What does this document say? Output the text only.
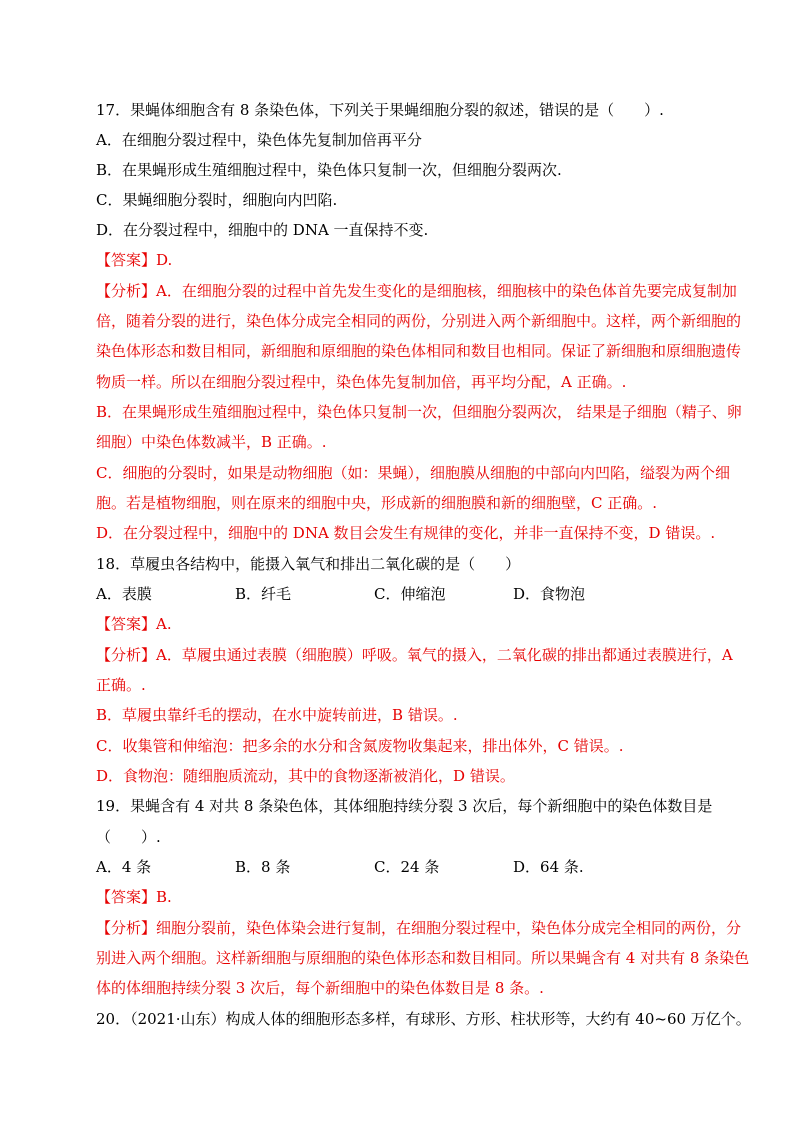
17．果蝇体细胞含有 8 条染色体，下列关于果蝇细胞分裂的叙述，错误的是（　　）.
A．在细胞分裂过程中，染色体先复制加倍再平分
B．在果蝇形成生殖细胞过程中，染色体只复制一次，但细胞分裂两次.
C．果蝇细胞分裂时，细胞向内凹陷.
D．在分裂过程中，细胞中的 DNA 一直保持不变.
【答案】D.
【分析】A．在细胞分裂的过程中首先发生变化的是细胞核，细胞核中的染色体首先要完成复制加
倍，随着分裂的进行，染色体分成完全相同的两份，分别进入两个新细胞中。这样，两个新细胞的
染色体形态和数目相同，新细胞和原细胞的染色体相同和数目也相同。保证了新细胞和原细胞遗传
物质一样。所以在细胞分裂过程中，染色体先复制加倍，再平均分配，A 正确。.
B．在果蝇形成生殖细胞过程中，染色体只复制一次，但细胞分裂两次， 结果是子细胞（精子、卵
细胞）中染色体数减半，B 正确。.
C．细胞的分裂时，如果是动物细胞（如：果蝇），细胞膜从细胞的中部向内凹陷，缢裂为两个细
胞。若是植物细胞，则在原来的细胞中央，形成新的细胞膜和新的细胞壁，C 正确。.
D．在分裂过程中，细胞中的 DNA 数目会发生有规律的变化，并非一直保持不变，D 错误。.
18．草履虫各结构中，能摄入氧气和排出二氧化碳的是（　　）
A．表膜	B．纤毛	C．伸缩泡	D．食物泡
【答案】A.
【分析】A．草履虫通过表膜（细胞膜）呼吸。氧气的摄入，二氧化碳的排出都通过表膜进行，A
正确。.
B．草履虫靠纤毛的摆动，在水中旋转前进，B 错误。.
C．收集管和伸缩泡：把多余的水分和含氮废物收集起来，排出体外，C 错误。.
D．食物泡：随细胞质流动，其中的食物逐渐被消化，D 错误。
19．果蝇含有 4 对共 8 条染色体，其体细胞持续分裂 3 次后，每个新细胞中的染色体数目是
（　　）.
A．4 条	B．8 条	C．24 条	D．64 条.
【答案】B.
【分析】细胞分裂前，染色体染会进行复制，在细胞分裂过程中，染色体分成完全相同的两份，分
别进入两个细胞。这样新细胞与原细胞的染色体形态和数目相同。所以果蝇含有 4 对共有 8 条染色
体的体细胞持续分裂 3 次后，每个新细胞中的染色体数目是 8 条。.
20．（2021·山东）构成人体的细胞形态多样，有球形、方形、柱状形等，大约有 40~60 万亿个。
